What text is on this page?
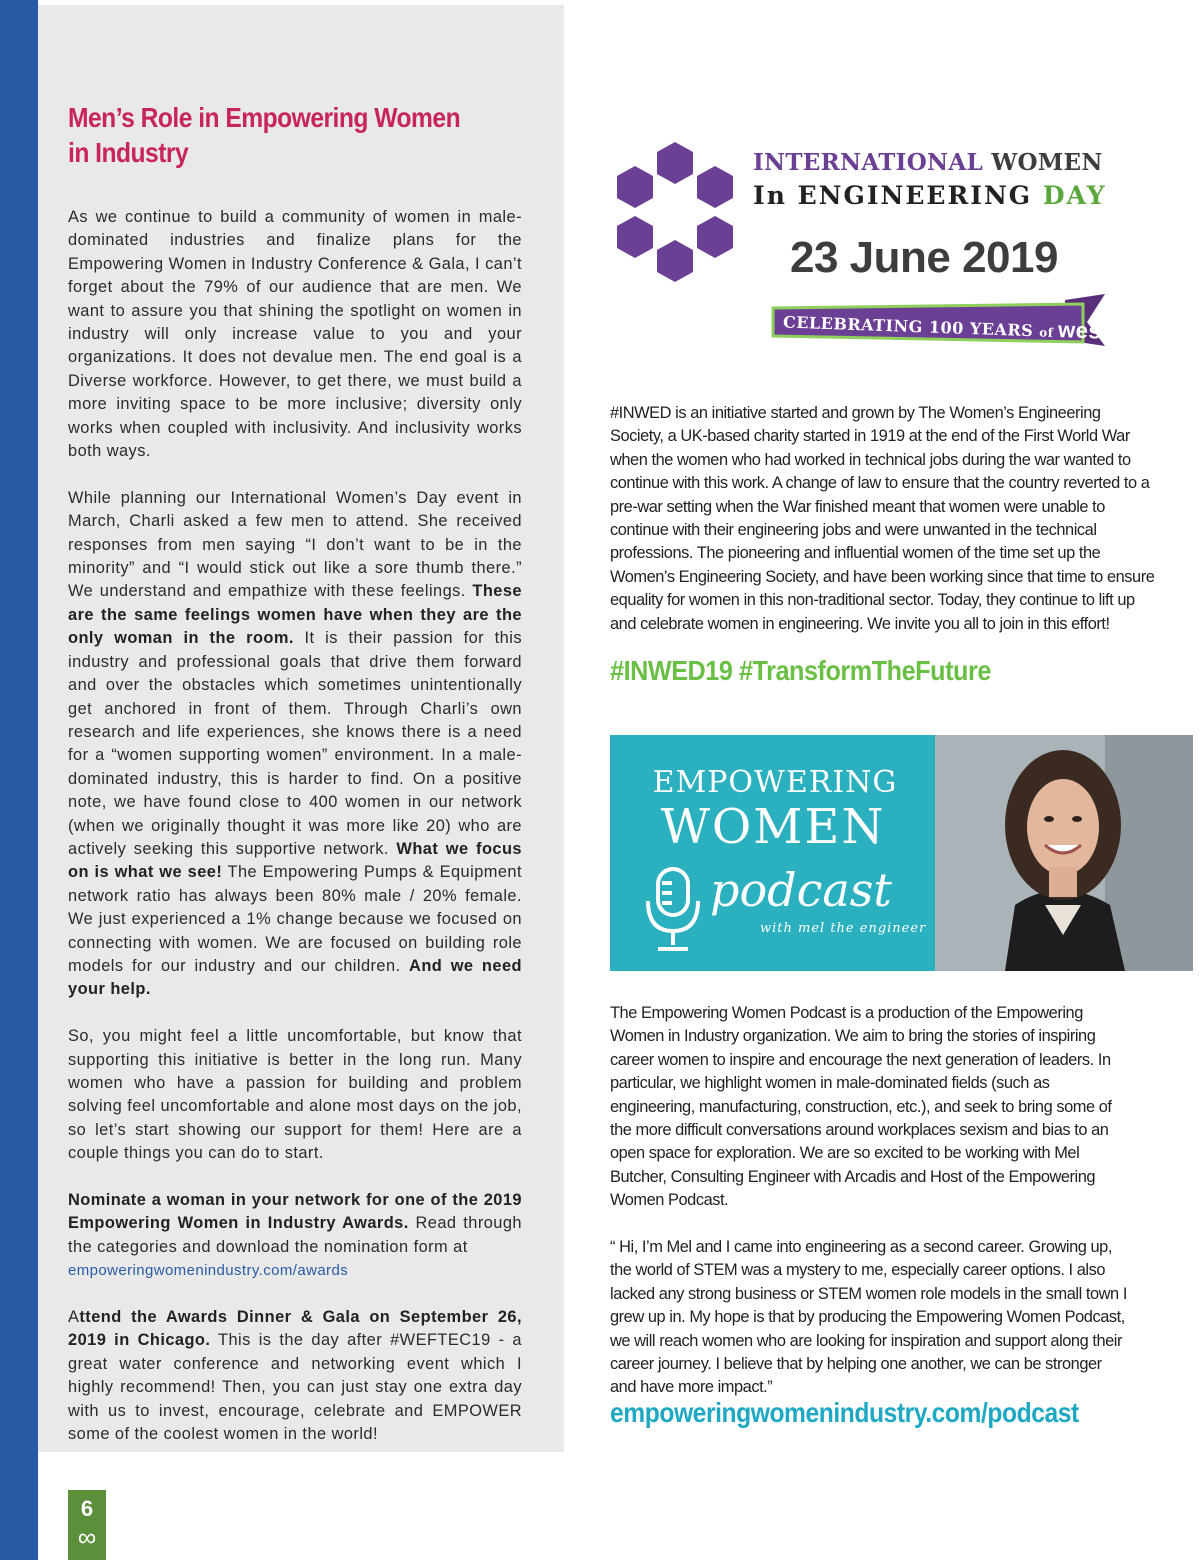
Men’s Role in Empowering Women
in Industry

As we continue to build a community of women in male-dominated industries and finalize plans for the Empowering Women in Industry Conference & Gala, I can’t forget about the 79% of our audience that are men. We want to assure you that shining the spotlight on women in industry will only increase value to you and your organizations. It does not devalue men. The end goal is a Diverse workforce. However, to get there, we must build a more inviting space to be more inclusive; diversity only works when coupled with inclusivity. And inclusivity works both ways.

While planning our International Women’s Day event in March, Charli asked a few men to attend. She received responses from men saying “I don’t want to be in the minority” and “I would stick out like a sore thumb there.” We understand and empathize with these feelings. These are the same feelings women have when they are the only woman in the room. It is their passion for this industry and professional goals that drive them forward and over the obstacles which sometimes unintentionally get anchored in front of them. Through Charli’s own research and life experiences, she knows there is a need for a “women supporting women” environment. In a male-dominated industry, this is harder to find. On a positive note, we have found close to 400 women in our network (when we originally thought it was more like 20) who are actively seeking this supportive network. What we focus on is what we see! The Empowering Pumps & Equipment network ratio has always been 80% male / 20% female. We just experienced a 1% change because we focused on connecting with women. We are focused on building role models for our industry and our children. And we need your help.

So, you might feel a little uncomfortable, but know that supporting this initiative is better in the long run. Many women who have a passion for building and problem solving feel uncomfortable and alone most days on the job, so let’s start showing our support for them! Here are a couple things you can do to start.

Nominate a woman in your network for one of the 2019 Empowering Women in Industry Awards. Read through the categories and download the nomination form at
empoweringwomenindustry.com/awards

Attend the Awards Dinner & Gala on September 26, 2019 in Chicago. This is the day after #WEFTEC19 - a great water conference and networking event which I highly recommend! Then, you can just stay one extra day with us to invest, encourage, celebrate and EMPOWER some of the coolest women in the world!

6
∞
INTERNATIONAL WOMEN
In ENGINEERING DAY
23 June 2019
CELEBRATING 100 YEARS of wes

#INWED is an initiative started and grown by The Women’s Engineering Society, a UK-based charity started in 1919 at the end of the First World War when the women who had worked in technical jobs during the war wanted to continue with this work. A change of law to ensure that the country reverted to a pre-war setting when the War finished meant that women were unable to continue with their engineering jobs and were unwanted in the technical professions. The pioneering and influential women of the time set up the Women’s Engineering Society, and have been working since that time to ensure equality for women in this non-traditional sector. Today, they continue to lift up and celebrate women in engineering. We invite you all to join in this effort!

#INWED19 #TransformTheFuture
EMPOWERING
WOMEN
podcast
with mel the engineer

The Empowering Women Podcast is a production of the Empowering Women in Industry organization. We aim to bring the stories of inspiring career women to inspire and encourage the next generation of leaders. In particular, we highlight women in male-dominated fields (such as engineering, manufacturing, construction, etc.), and seek to bring some of the more difficult conversations around workplaces sexism and bias to an open space for exploration. We are so excited to be working with Mel Butcher, Consulting Engineer with Arcadis and Host of the Empowering Women Podcast.

“ Hi, I’m Mel and I came into engineering as a second career. Growing up, the world of STEM was a mystery to me, especially career options. I also lacked any strong business or STEM women role models in the small town I grew up in. My hope is that by producing the Empowering Women Podcast, we will reach women who are looking for inspiration and support along their career journey. I believe that by helping one another, we can be stronger and have more impact.”

empoweringwomenindustry.com/podcast
